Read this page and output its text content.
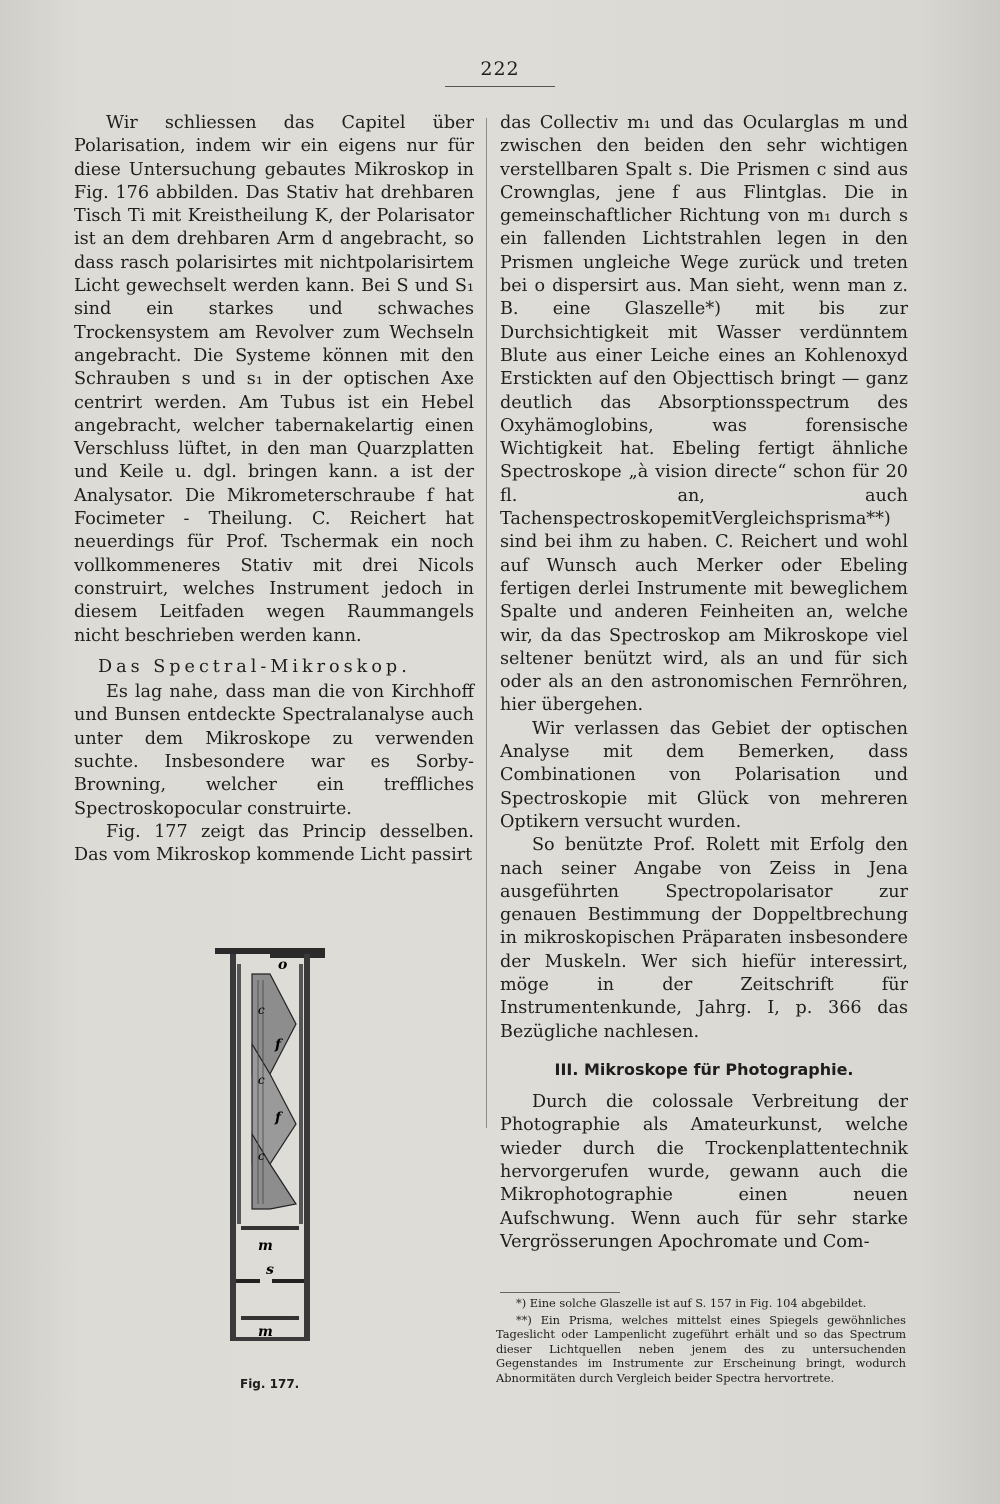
222

Wir schliessen das Capitel über Polarisation, indem wir ein eigens nur für diese Untersuchung gebautes Mikroskop in Fig. 176 abbilden. Das Stativ hat drehbaren Tisch Ti mit Kreistheilung K, der Polarisator ist an dem drehbaren Arm d angebracht, so dass rasch polarisirtes mit nichtpolarisirtem Licht gewechselt werden kann. Bei S und S₁ sind ein starkes und schwaches Trockensystem am Revolver zum Wechseln angebracht. Die Systeme können mit den Schrauben s und s₁ in der optischen Axe centrirt werden. Am Tubus ist ein Hebel angebracht, welcher tabernakelartig einen Verschluss lüftet, in den man Quarzplatten und Keile u. dgl. bringen kann. a ist der Analysator. Die Mikrometerschraube f hat Focimeter - Theilung. C. Reichert hat neuerdings für Prof. Tschermak ein noch vollkommeneres Stativ mit drei Nicols construirt, welches Instrument jedoch in diesem Leitfaden wegen Raummangels nicht beschrieben werden kann.

Das Spectral-Mikroskop.

Es lag nahe, dass man die von Kirchhoff und Bunsen entdeckte Spectralanalyse auch unter dem Mikroskope zu verwenden suchte. Insbesondere war es Sorby-Browning, welcher ein treffliches Spectroskopocular construirte.

Fig. 177 zeigt das Princip desselben. Das vom Mikroskop kommende Licht passirt

o
c
f
c
f
c
m
s
m
Fig. 177.

das Collectiv m₁ und das Ocularglas m und zwischen den beiden den sehr wichtigen verstellbaren Spalt s. Die Prismen c sind aus Crownglas, jene f aus Flintglas. Die in gemeinschaftlicher Richtung von m₁ durch s ein fallenden Lichtstrahlen legen in den Prismen ungleiche Wege zurück und treten bei o dispersirt aus. Man sieht, wenn man z. B. eine Glaszelle*) mit bis zur Durchsichtigkeit mit Wasser verdünntem Blute aus einer Leiche eines an Kohlenoxyd Erstickten auf den Objecttisch bringt — ganz deutlich das Absorptionsspectrum des Oxyhämoglobins, was forensische Wichtigkeit hat. Ebeling fertigt ähnliche Spectroskope „à vision directe“ schon für 20 fl. an, auch TachenspectroskopemitVergleichsprisma**) sind bei ihm zu haben. C. Reichert und wohl auf Wunsch auch Merker oder Ebeling fertigen derlei Instrumente mit beweglichem Spalte und anderen Feinheiten an, welche wir, da das Spectroskop am Mikroskope viel seltener benützt wird, als an und für sich oder als an den astronomischen Fernröhren, hier übergehen.

Wir verlassen das Gebiet der optischen Analyse mit dem Bemerken, dass Combinationen von Polarisation und Spectroskopie mit Glück von mehreren Optikern versucht wurden.

So benützte Prof. Rolett mit Erfolg den nach seiner Angabe von Zeiss in Jena ausgeführten Spectropolarisator zur genauen Bestimmung der Doppeltbrechung in mikroskopischen Präparaten insbesondere der Muskeln. Wer sich hiefür interessirt, möge in der Zeitschrift für Instrumentenkunde, Jahrg. I, p. 366 das Bezügliche nachlesen.

III. Mikroskope für Photographie.

Durch die colossale Verbreitung der Photographie als Amateurkunst, welche wieder durch die Trockenplattentechnik hervorgerufen wurde, gewann auch die Mikrophotographie einen neuen Aufschwung. Wenn auch für sehr starke Vergrösserungen Apochromate und Com-

*) Eine solche Glaszelle ist auf S. 157 in Fig. 104 abgebildet.

**) Ein Prisma, welches mittelst eines Spiegels gewöhnliches Tageslicht oder Lampenlicht zugeführt erhält und so das Spectrum dieser Lichtquellen neben jenem des zu untersuchenden Gegenstandes im Instrumente zur Erscheinung bringt, wodurch Abnormitäten durch Vergleich beider Spectra hervortrete.
